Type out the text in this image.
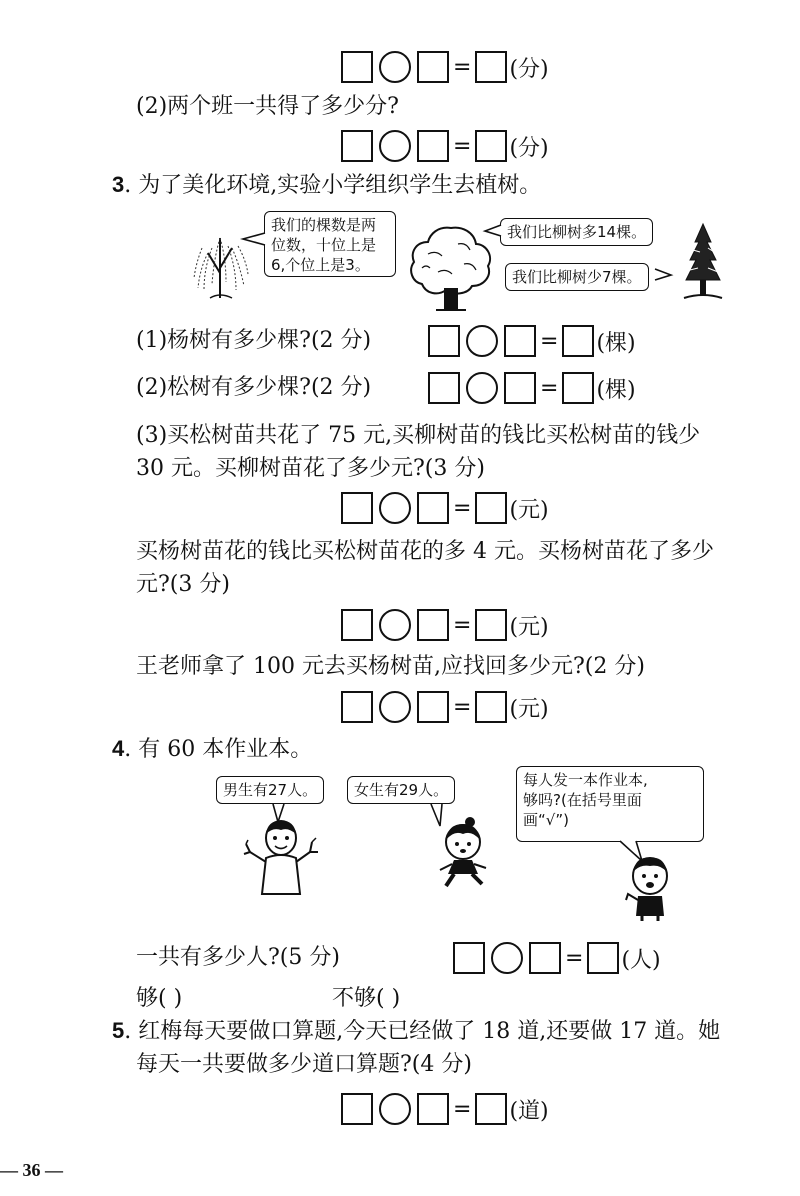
= (分)
(2)两个班一共得了多少分?
= (分)
3. 为了美化环境,实验小学组织学生去植树。
我们的棵数是两
位数，十位上是
6,个位上是3。
我们比柳树多14棵。
我们比柳树少7棵。
(1)杨树有多少棵?(2 分)	= (棵)
(2)松树有多少棵?(2 分)	= (棵)
(3)买松树苗共花了 75 元,买柳树苗的钱比买松树苗的钱少
30 元。买柳树苗花了多少元?(3 分)
= (元)
买杨树苗花的钱比买松树苗花的多 4 元。买杨树苗花了多少
元?(3 分)
= (元)
王老师拿了 100 元去买杨树苗,应找回多少元?(2 分)
= (元)
4. 有 60 本作业本。
男生有27人。	女生有29人。
每人发一本作业本,
够吗?(在括号里面
画“√”)
一共有多少人?(5 分)	= (人)
够( )	不够( )
5. 红梅每天要做口算题,今天已经做了 18 道,还要做 17 道。她
每天一共要做多少道口算题?(4 分)
= (道)
— 36 —
